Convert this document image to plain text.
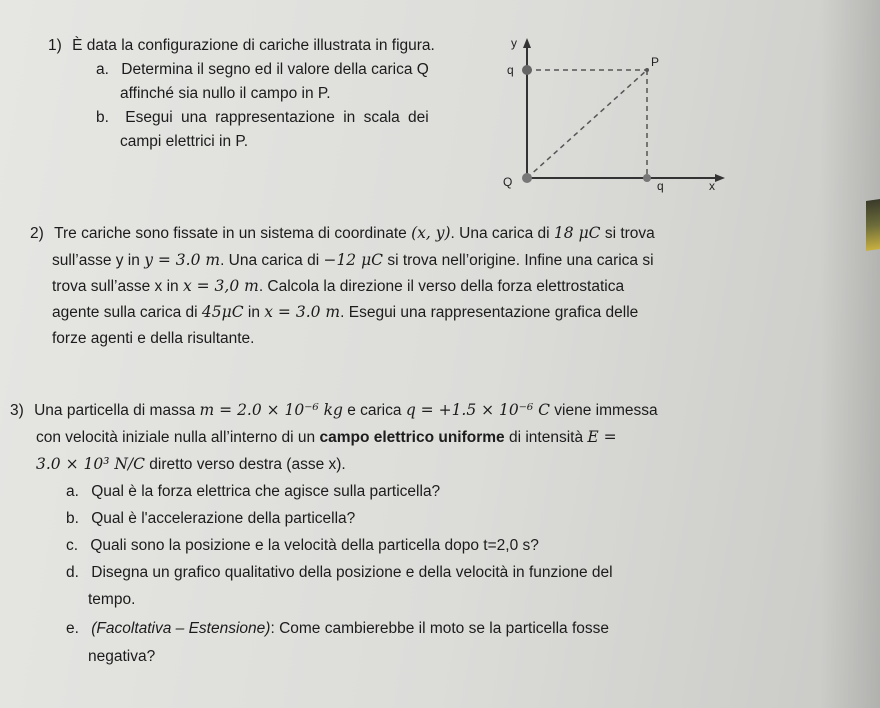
1) È data la configurazione di cariche illustrata in figura.
a. Determina il segno ed il valore della carica Q
affinché sia nullo il campo in P.
b. Esegui una rappresentazione in scala dei
campi elettrici in P.
y
q
P
Q	q	x
2) Tre cariche sono fissate in un sistema di coordinate (x, y). Una carica di 18 μC si trova
sull’asse y in y = 3.0 m. Una carica di −12 μC si trova nell’origine. Infine una carica si
trova sull’asse x in x = 3,0 m. Calcola la direzione il verso della forza elettrostatica
agente sulla carica di 45μC in x = 3.0 m. Esegui una rappresentazione grafica delle
forze agenti e della risultante.
3) Una particella di massa m = 2.0 × 10⁻⁶ kg e carica q = +1.5 × 10⁻⁶ C viene immessa
con velocità iniziale nulla all’interno di un campo elettrico uniforme di intensità E =
3.0 × 10³ N/C diretto verso destra (asse x).
a. Qual è la forza elettrica che agisce sulla particella?
b. Qual è l'accelerazione della particella?
c. Quali sono la posizione e la velocità della particella dopo t=2,0 s?
d. Disegna un grafico qualitativo della posizione e della velocità in funzione del
tempo.
e. (Facoltativa – Estensione): Come cambierebbe il moto se la particella fosse
negativa?
